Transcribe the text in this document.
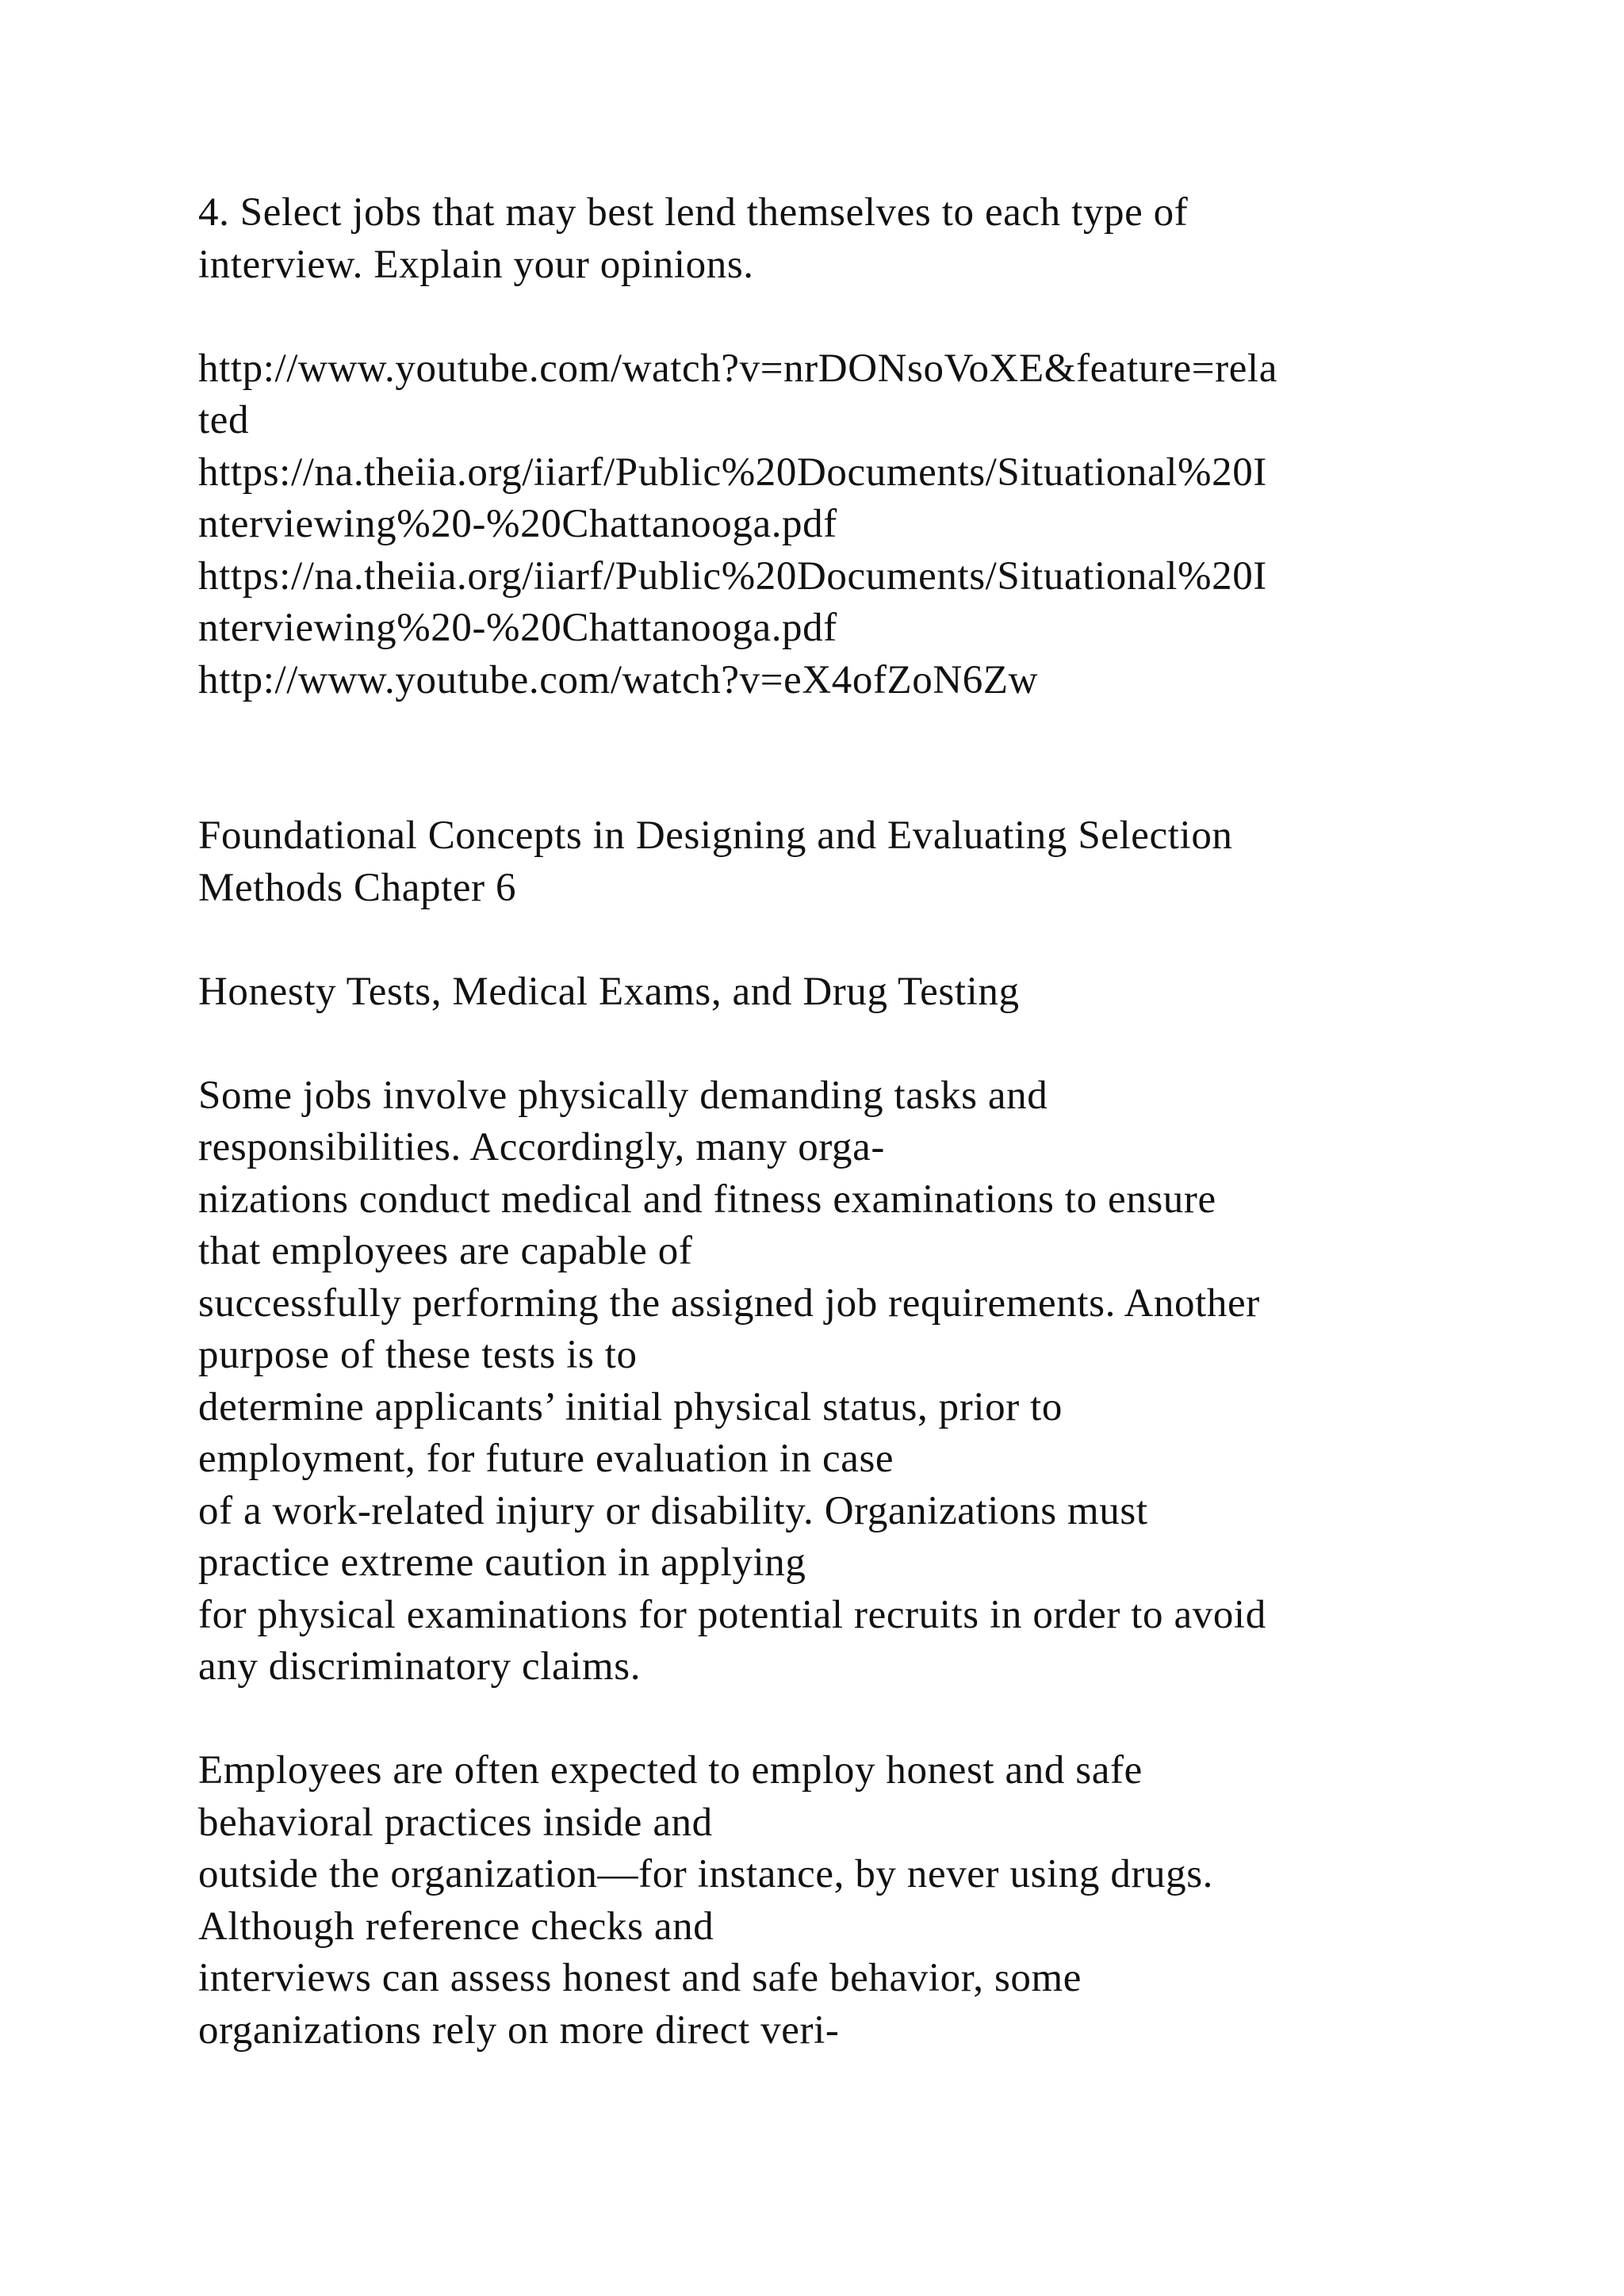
4. Select jobs that may best lend themselves to each type of
interview. Explain your opinions.
http://www.youtube.com/watch?v=nrDONsoVoXE&feature=rela
ted
https://na.theiia.org/iiarf/Public%20Documents/Situational%20I
nterviewing%20-%20Chattanooga.pdf
https://na.theiia.org/iiarf/Public%20Documents/Situational%20I
nterviewing%20-%20Chattanooga.pdf
http://www.youtube.com/watch?v=eX4ofZoN6Zw
Foundational Concepts in Designing and Evaluating Selection
Methods Chapter 6
Honesty Tests, Medical Exams, and Drug Testing
Some jobs involve physically demanding tasks and
responsibilities. Accordingly, many orga-
nizations conduct medical and fitness examinations to ensure
that employees are capable of
successfully performing the assigned job requirements. Another
purpose of these tests is to
determine applicants’ initial physical status, prior to
employment, for future evaluation in case
of a work-related injury or disability. Organizations must
practice extreme caution in applying
for physical examinations for potential recruits in order to avoid
any discriminatory claims.
Employees are often expected to employ honest and safe
behavioral practices inside and
outside the organization—for instance, by never using drugs.
Although reference checks and
interviews can assess honest and safe behavior, some
organizations rely on more direct veri-
